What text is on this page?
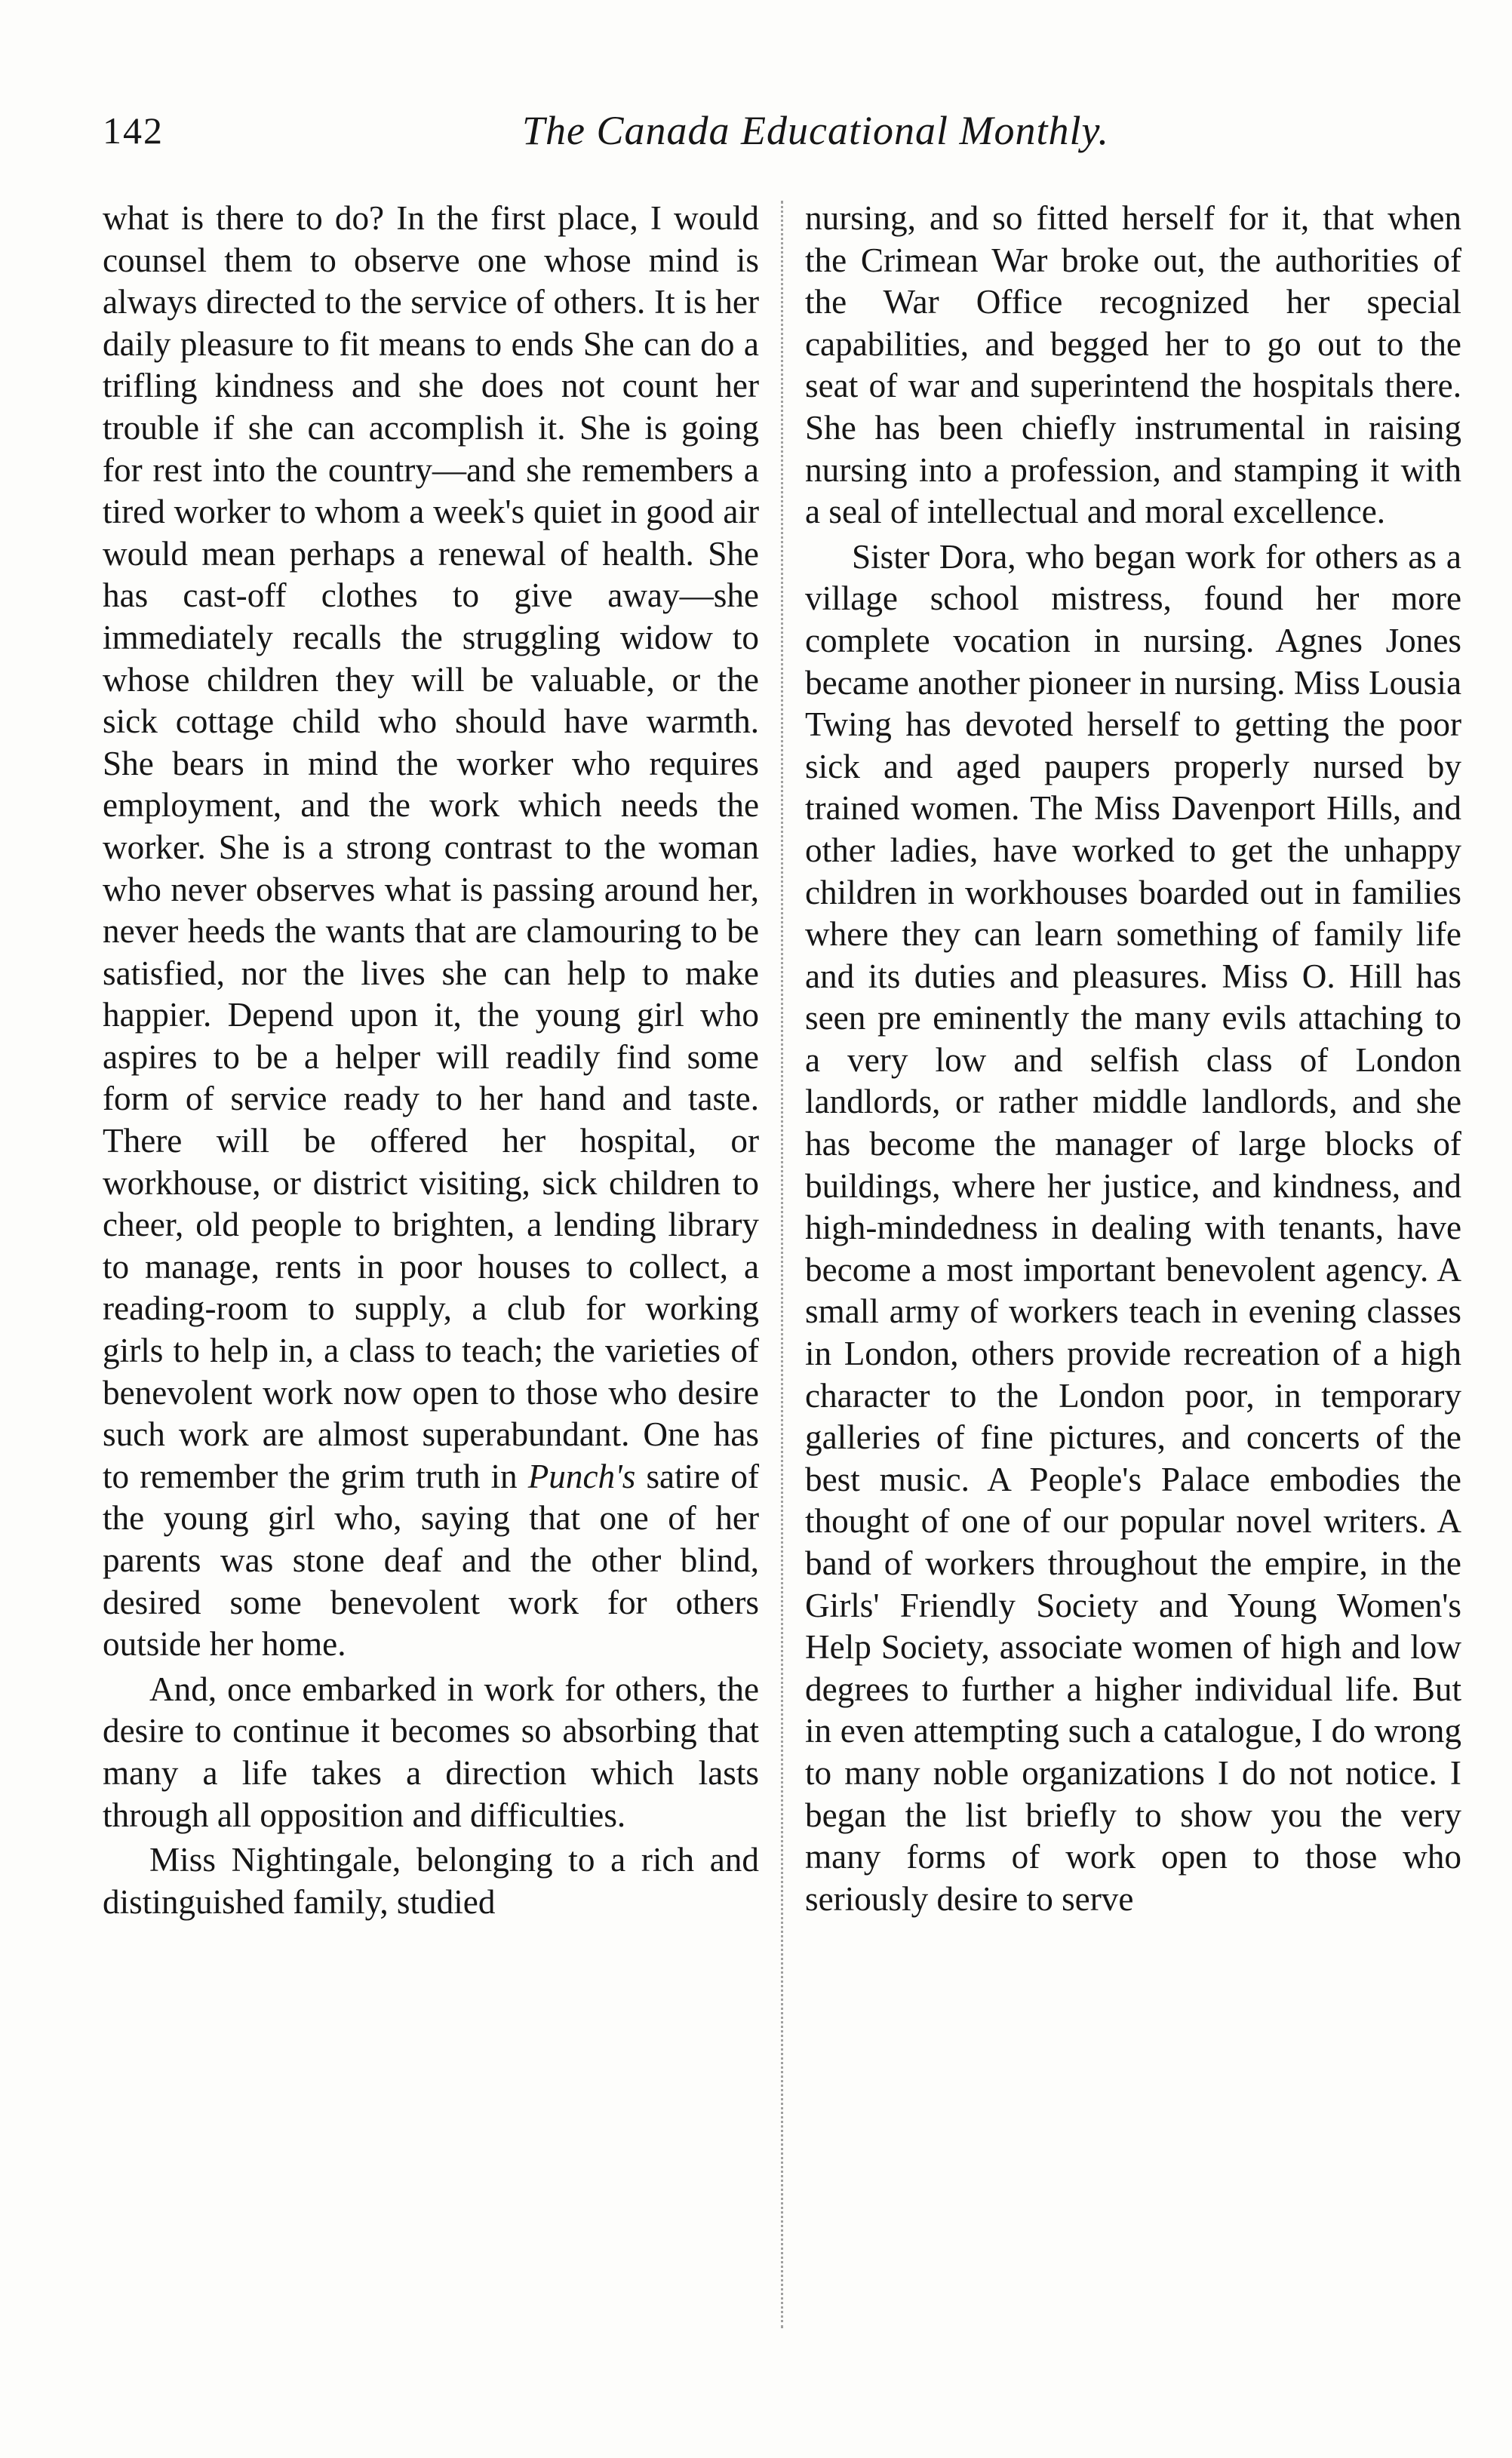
142	The Canada Educational Monthly.

what is there to do? In the first place, I would counsel them to observe one whose mind is always directed to the service of others. It is her daily pleasure to fit means to ends She can do a trifling kindness and she does not count her trouble if she can accomplish it. She is going for rest into the country—and she remembers a tired worker to whom a week's quiet in good air would mean perhaps a renewal of health. She has cast-off clothes to give away—she immediately recalls the struggling widow to whose children they will be valuable, or the sick cottage child who should have warmth. She bears in mind the worker who requires employment, and the work which needs the worker. She is a strong contrast to the woman who never observes what is passing around her, never heeds the wants that are clamouring to be satisfied, nor the lives she can help to make happier. Depend upon it, the young girl who aspires to be a helper will readily find some form of service ready to her hand and taste. There will be offered her hospital, or workhouse, or district visiting, sick children to cheer, old people to brighten, a lending library to manage, rents in poor houses to collect, a reading-room to supply, a club for working girls to help in, a class to teach; the varieties of benevolent work now open to those who desire such work are almost superabundant. One has to remember the grim truth in Punch's satire of the young girl who, saying that one of her parents was stone deaf and the other blind, desired some benevolent work for others outside her home.

And, once embarked in work for others, the desire to continue it becomes so absorbing that many a life takes a direction which lasts through all opposition and difficulties.

Miss Nightingale, belonging to a rich and distinguished family, studied

nursing, and so fitted herself for it, that when the Crimean War broke out, the authorities of the War Office recognized her special capabilities, and begged her to go out to the seat of war and superintend the hospitals there. She has been chiefly instrumental in raising nursing into a profession, and stamping it with a seal of intellectual and moral excellence.

Sister Dora, who began work for others as a village school mistress, found her more complete vocation in nursing. Agnes Jones became another pioneer in nursing. Miss Lousia Twing has devoted herself to getting the poor sick and aged paupers properly nursed by trained women. The Miss Davenport Hills, and other ladies, have worked to get the unhappy children in workhouses boarded out in families where they can learn something of family life and its duties and pleasures. Miss O. Hill has seen pre eminently the many evils attaching to a very low and selfish class of London landlords, or rather middle landlords, and she has become the manager of large blocks of buildings, where her justice, and kindness, and high-mindedness in dealing with tenants, have become a most important benevolent agency. A small army of workers teach in evening classes in London, others provide recreation of a high character to the London poor, in temporary galleries of fine pictures, and concerts of the best music. A People's Palace embodies the thought of one of our popular novel writers. A band of workers throughout the empire, in the Girls' Friendly Society and Young Women's Help Society, associate women of high and low degrees to further a higher individual life. But in even attempting such a catalogue, I do wrong to many noble organizations I do not notice. I began the list briefly to show you the very many forms of work open to those who seriously desire to serve
